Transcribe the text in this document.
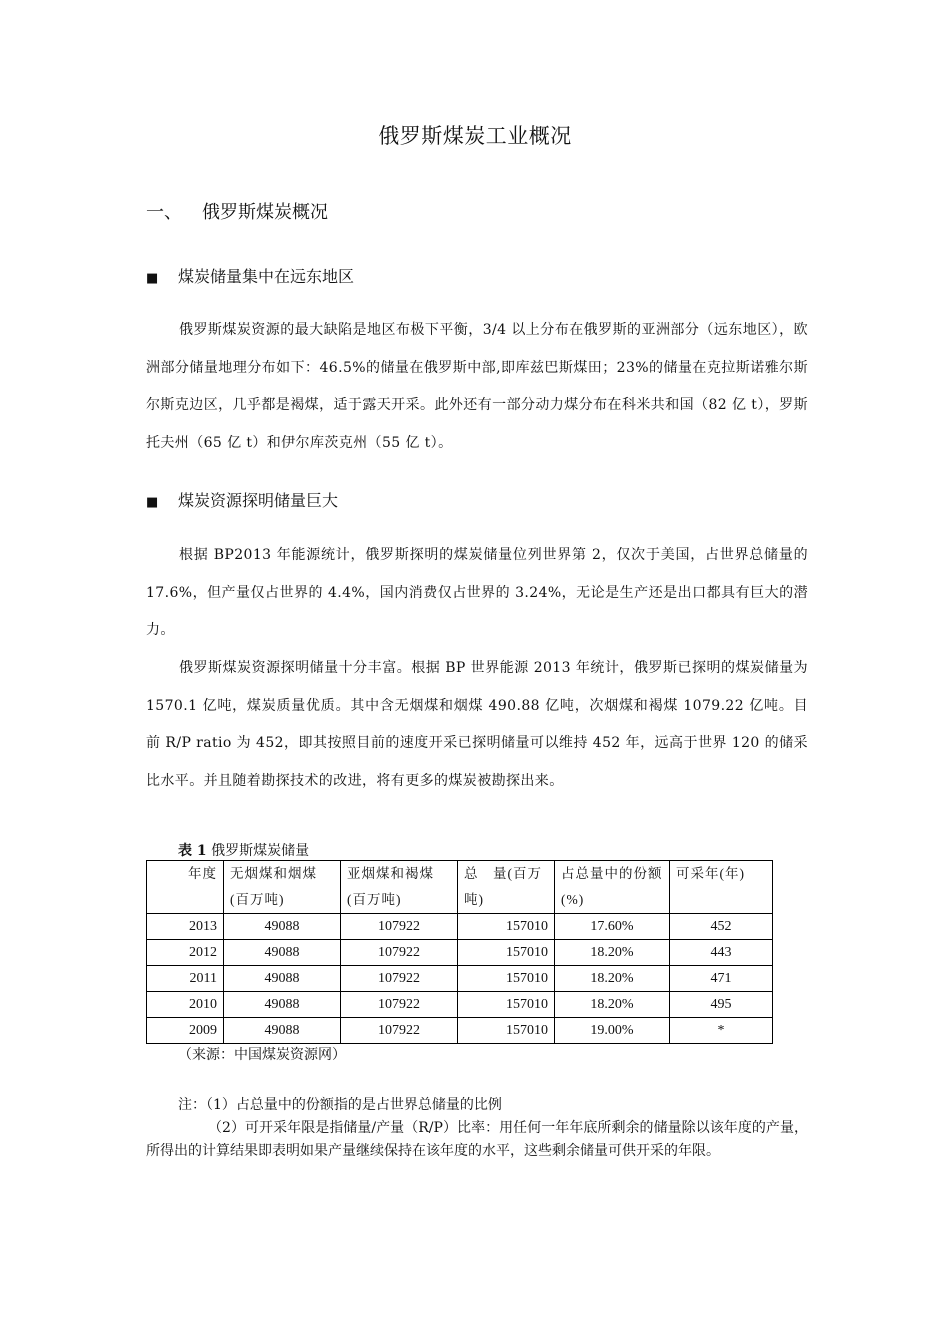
俄罗斯煤炭工业概况
一、 俄罗斯煤炭概况
■ 煤炭储量集中在远东地区
俄罗斯煤炭资源的最大缺陷是地区布极下平衡，3/4 以上分布在俄罗斯的亚洲部分（远东地区），欧洲部分储量地理分布如下：46.5%的储量在俄罗斯中部,即库兹巴斯煤田；23%的储量在克拉斯诺雅尔斯尔斯克边区，几乎都是褐煤，适于露天开采。此外还有一部分动力煤分布在科米共和国（82 亿 t），罗斯托夫州（65 亿 t）和伊尔库茨克州（55 亿 t）。
■ 煤炭资源探明储量巨大
根据 BP2013 年能源统计，俄罗斯探明的煤炭储量位列世界第 2，仅次于美国，占世界总储量的 17.6%，但产量仅占世界的 4.4%，国内消费仅占世界的 3.24%，无论是生产还是出口都具有巨大的潜力。
俄罗斯煤炭资源探明储量十分丰富。根据 BP 世界能源 2013 年统计，俄罗斯已探明的煤炭储量为 1570.1 亿吨，煤炭质量优质。其中含无烟煤和烟煤 490.88 亿吨，次烟煤和褐煤 1079.22 亿吨。目前 R/P ratio 为 452，即其按照目前的速度开采已探明储量可以维持 452 年，远高于世界 120 的储采比水平。并且随着勘探技术的改进，将有更多的煤炭被勘探出来。
表 1 俄罗斯煤炭储量
年度	无烟煤和烟煤(百万吨)	亚烟煤和褐煤(百万吨)	总　量(百万吨)	占总量中的份额(%)	可采年(年)
2013	49088	107922	157010	17.60%	452
2012	49088	107922	157010	18.20%	443
2011	49088	107922	157010	18.20%	471
2010	49088	107922	157010	18.20%	495
2009	49088	107922	157010	19.00%	*
（来源：中国煤炭资源网）
注：（1）占总量中的份额指的是占世界总储量的比例
（2）可开采年限是指储量/产量（R/P）比率：用任何一年年底所剩余的储量除以该年度的产量，所得出的计算结果即表明如果产量继续保持在该年度的水平，这些剩余储量可供开采的年限。
